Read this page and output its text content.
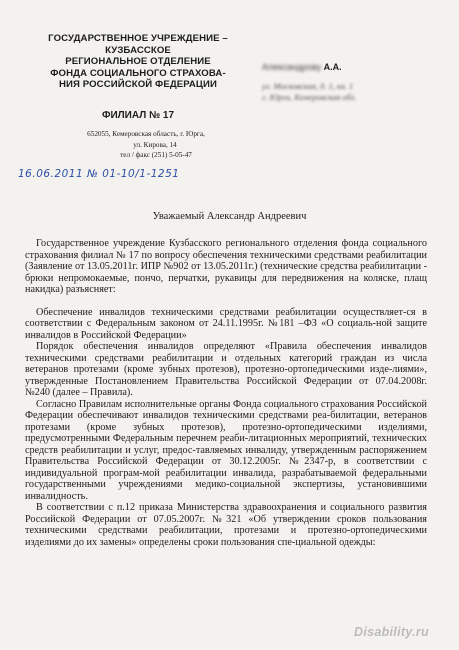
ГОСУДАРСТВЕННОЕ УЧРЕЖДЕНИЕ –
КУЗБАССКОЕ
РЕГИОНАЛЬНОЕ ОТДЕЛЕНИЕ
ФОНДА СОЦИАЛЬНОГО СТРАХОВА-
НИЯ РОССИЙСКОЙ ФЕДЕРАЦИИ
ФИЛИАЛ № 17
652055, Кемеровская область, г. Юрга,
ул. Кирова, 14
тел / факс (251) 5-05-47
Александрову А.А.
ул. Московская, д. 1, кв. 1
г. Юрга, Кемеровская обл.
16.06.2011 № 01-10/1-1251
Уважаемый Александр Андреевич

Государственное учреждение Кузбасского регионального отделения фонда социального страхования филиал № 17 по вопросу обеспечения техническими средствами реабилитации (Заявление от 13.05.2011г. ИПР №902 от 13.05.2011г.) (технические средства реабилитации - брюки непромокаемые, пончо, перчатки, рукавицы для передвижения на коляске, плащ накидка) разъясняет:

Обеспечение инвалидов техническими средствами реабилитации осуществляет-ся в соответствии с Федеральным законом от 24.11.1995г. №181 –ФЗ «О социаль-ной защите инвалидов в Российской Федерации»

Порядок обеспечения инвалидов определяют «Правила обеспечения инвалидов техническими средствами реабилитации и отдельных категорий граждан из числа ветеранов протезами (кроме зубных протезов), протезно-ортопедическими изде-лиями», утвержденные Постановлением Правительства Российской Федерации от 07.04.2008г. №240 (далее – Правила).

Согласно Правилам исполнительные органы Фонда социального страхования Российской Федерации обеспечивают инвалидов техническими средствами реа-билитации, ветеранов протезами (кроме зубных протезов), протезно-ортопедическими изделиями, предусмотренными Федеральным перечнем реаби-литационных мероприятий, технических средств реабилитации и услуг, предос-тавляемых инвалиду, утвержденным распоряжением Правительства Российской Федерации от 30.12.2005г. №2347-р, в соответствии с индивидуальной програм-мой реабилитации инвалида, разрабатываемой федеральными государственными учреждениями медико-социальной экспертизы, установившими инвалидность.

В соответствии с п.12 приказа Министерства здравоохранения и социального развития Российской Федерации от 07.05.2007г. №321 «Об утверждении сроков пользования техническими средствами реабилитации, протезами и протезно-ортопедическими изделиями до их замены» определены сроки пользования спе-циальной одежды:

Disability.ru
